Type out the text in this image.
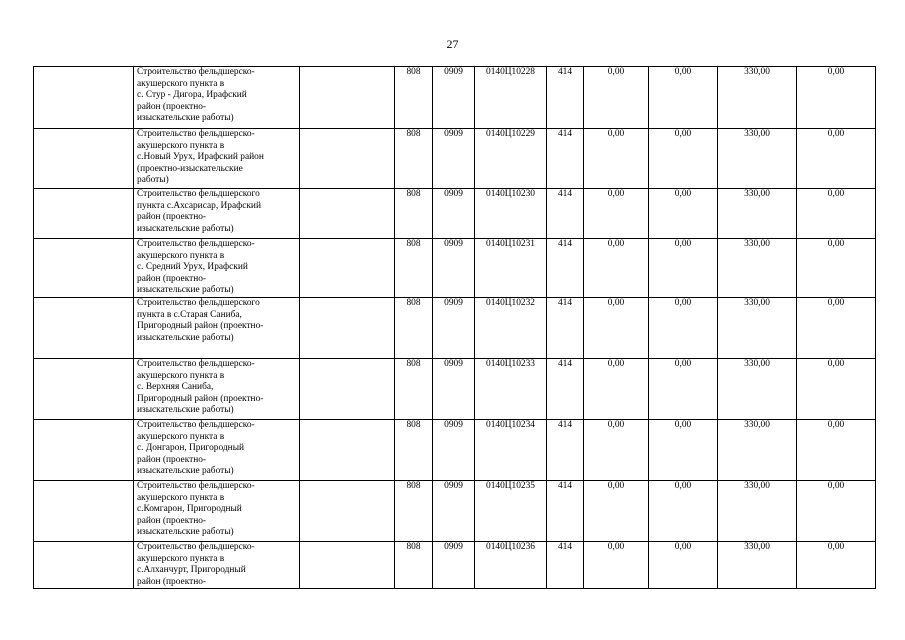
27

	Строительство фельдшерско-
акушерского пункта в
с. Стур - Дигора, Ирафский
район (проектно-
изыскательские работы)		808	0909	0140Ц10228	414	0,00	0,00	330,00	0,00

	Строительство фельдшерско-
акушерского пункта в
с.Новый Урух, Ирафский район
(проектно-изыскательские
работы)		808	0909	0140Ц10229	414	0,00	0,00	330,00	0,00

	Строительство фельдшерского
пункта с.Ахсарисар, Ирафский
район (проектно-
изыскательские работы)		808	0909	0140Ц10230	414	0,00	0,00	330,00	0,00

	Строительство фельдшерско-
акушерского пункта в
с. Средний Урух, Ирафский
район (проектно-
изыскательские работы)		808	0909	0140Ц10231	414	0,00	0,00	330,00	0,00

	Строительство фельдшерского
пункта в с.Старая Саниба,
Пригородный район (проектно-
изыскательские работы)		808	0909	0140Ц10232	414	0,00	0,00	330,00	0,00

	Строительство фельдшерско-
акушерского пункта в
с. Верхняя Саниба,
Пригородный район (проектно-
изыскательские работы)		808	0909	0140Ц10233	414	0,00	0,00	330,00	0,00

	Строительство фельдшерско-
акушерского пункта в
с. Донгарон, Пригородный
район (проектно-
изыскательские работы)		808	0909	0140Ц10234	414	0,00	0,00	330,00	0,00

	Строительство фельдшерско-
акушерского пункта в
с.Комгарон, Пригородный
район (проектно-
изыскательские работы)		808	0909	0140Ц10235	414	0,00	0,00	330,00	0,00

	Строительство фельдшерско-
акушерского пункта в
с.Алханчурт, Пригородный
район (проектно-		808	0909	0140Ц10236	414	0,00	0,00	330,00	0,00
